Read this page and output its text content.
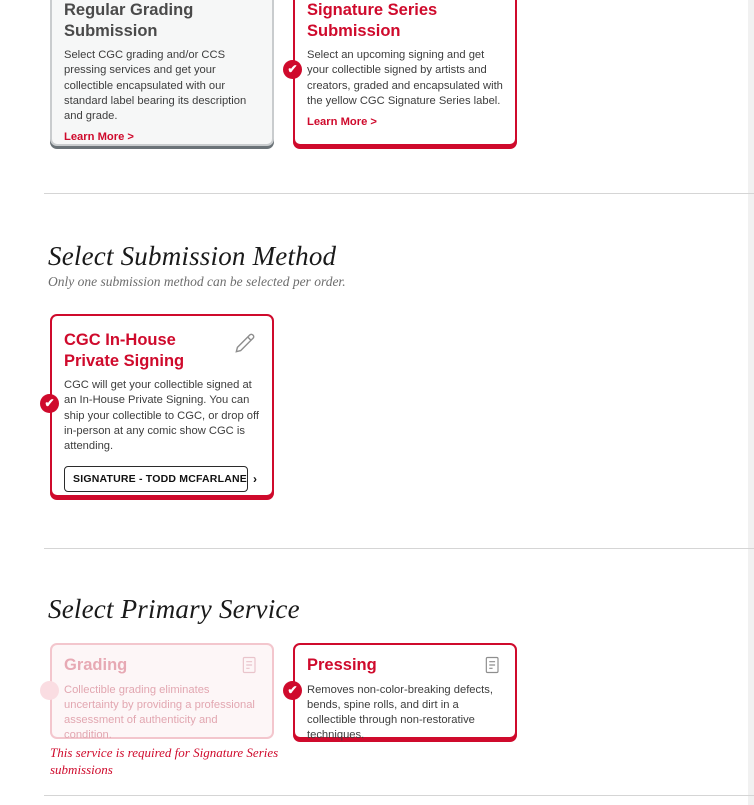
Regular Grading Submission

Select CGC grading and/or CCS pressing services and get your collectible encapsulated with our standard label bearing its description and grade.

Learn More >
Signature Series Submission

Select an upcoming signing and get your collectible signed by artists and creators, graded and encapsulated with the yellow CGC Signature Series label.

Learn More >
✔
Select Submission Method
Only one submission method can be selected per order.
CGC In-House Private Signing

CGC will get your collectible signed at an In-House Private Signing. You can ship your collectible to CGC, or drop off in-person at any comic show CGC is attending.

SIGNATURE - TODD MCFARLANE ›
✔
Select Primary Service
Grading

Collectible grading eliminates uncertainty by providing a professional assessment of authenticity and condition.

✔
Pressing

Removes non-color-breaking defects, bends, spine rolls, and dirt in a collectible through non-restorative techniques.

✔
This service is required for Signature Series submissions
